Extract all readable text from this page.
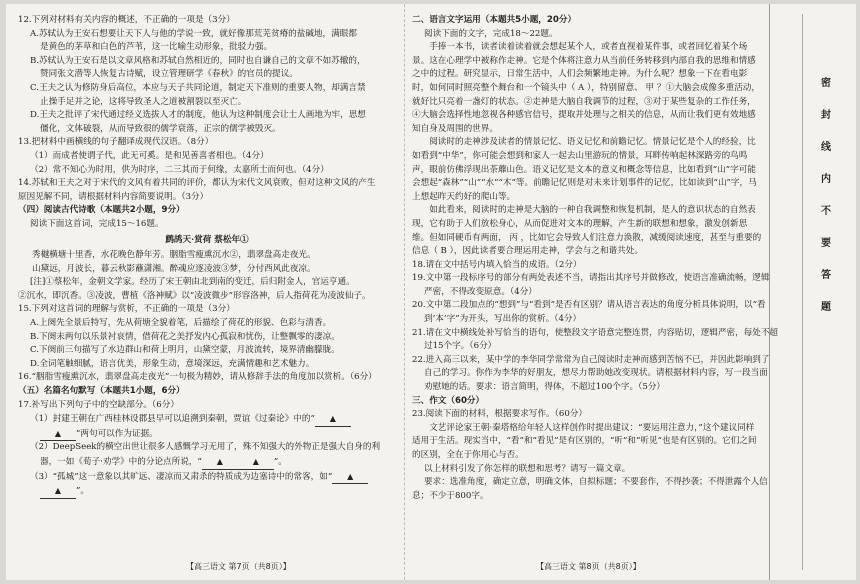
12.下列对材料有关内容的概述，不正确的一项是（3分）

A.苏轼认为王安石想要让天下人与他的学说一致，就好像那荒芜贫瘠的盐碱地，满眼都

是黄色的茅草和白色的芦苇，这一比喻生动形象，批驳力强。

B.苏轼认为王安石是以文章风格和苏轼自然相近的，同时也自谦自己的文章不如苏辙的，

赞同张文潜等人恢复古诗赋，设立管理研学《春秋》的官员的提议。

C.王夫之认为修防身后高位，本应与天子共同论道，制定天下准则的重要人物，却满言禁

止操手足并之论，这将导致圣人之道被割裂以至灭亡。

D.王夫之批评了宋代通过经义选拔人才的制度，他认为这种制度会让士人画地为牢，思想

僵化，文体破裂，从而导致很的儒学衰落，正宗的儒学被毁灭。

13.把材料中画横线的句子翻译成现代汉语。（8分）

（1）而成者使谓子代，此无可奚。是和见善喜者相也。（4分）

（2）常不知心为时用，供为时序，二三其而于何缘，太嘉所士而何也。（4分）

14.苏轼和王夫之对于宋代的文风有着共同的评价，都认为宋代文风衰败，但对这种文风的产生

原因见解不同，请根据材料内容简要说明。（3分）

（四）阅读古代诗歌（本题共2小题，9分）

阅读下面这首词，完成15～16题。

鹧鸪天·赏荷 蔡松年①

秀樾横塘十里香，水花晚色静年芳。胭脂雪瘦熏沉水②，翡翠盘高走夜光。

山黛远，月波长，暮云秋影蘸潇湘。醉魂应逐凌波③梦，分付西风此夜凉。

[注]①蔡松年，金朝文学家。经历了宋王朝由北到南的变迁，后归附金人，官运亨通。

②沉水，即沉香。③凌波，曹植《洛神赋》以“凌波微步”形容洛神，后人指荷花为凌波仙子。

15.下列对这首词的理解与赏析，不正确的一项是（3分）

A.上阕先全景后特写，先从荷塘全貌着笔，后描绘了荷花的形貌、色彩与清香。

B.下阕末两句以乐景衬哀情，借荷花之美抒发内心孤寂和忧伤，让整飘零的凄凉。

C.下阕前三句描写了水边群山和荷上明月，山黛空蒙，月波流转，境界清幽朦胧。

D.全词笔触细腻，语言优美，形象生动，意境深远，充满情趣和艺术魅力。

16.“胭脂雪瘦熏沉水，翡翠盘高走夜光”一句极为精妙，请从修辞手法的角度加以赏析。（6分）

（五）名篇名句默写（本题共1小题，6分）

17.补写出下列句子中的空缺部分。（6分）

（1）封建王朝在广西桂林设郡县早可以追溯到秦朝，贾谊《过秦论》中的“ ▲

▲ ”两句可以作为证据。

（2）DeepSeek的横空出世让很多人感慨学习无用了，殊不知强大的外物正是强大自身的利

器，一如《荀子·劝学》中的分论点所说，“ ▲	▲ ”。

（3）“孤城”这一意象以其旷远、凄凉而又肃杀的特质成为边塞诗中的常客，如“ ▲

▲ ”。

二、语言文字运用（本题共5小题，20分）

阅读下面的文字，完成18～22题。

手捧一本书，读者读着读着就会想起某个人，或者直视着某件事，或者回忆着某个场景。这在心理学中被称作走神。它是个体将注意力从当前任务转移到内部自我的思维和情感之中的过程。研究显示，日常生活中，人们会频繁地走神。为什么呢？想象一下在看电影时，如何同时照亮整个舞台和一个镜头中（ A ），特别留意、 甲 ？①大脑会成像多重活动，就好比只亮着一盏灯的状态。②走神是大脑自我调节的过程，③对于某些复杂的工作任务，④大脑会选择性地忽视各种感官信号，提取并处理与之相关的信息，从而让我们更有效地感知自身及周围的世界。

阅读时的走神涉及读者的情景记忆、语义记忆和前瞻记忆。情景记忆是个人的经验，比如看到“中华”，你可能会想到和家人一起去山里游玩的情景，耳畔传响起林深路旁的鸟鸣声，眼前仿佛浮现出荼蘼山色。语义记忆是文本的意义和概念等信息，比如看到“山”字可能会想起“森林”“山”“水”“木”等。前瞻记忆则是对未来计划事件的记忆，比如读到“山”字，马上想起昨天约好的爬山等。

如此看来，阅读时的走神是大脑的一种自我调整和恢复机制，是人的意识状态的自然表现，它有助于人们放松身心，从而促进对文本的理解，产生新的联想和想象，激发创新思维。但如同硬币有两面， 丙 ，比如它会导致人们注意力涣散，减缓阅读速度，甚至与重要的信息（ B ），因此读者要合理运用走神，学会与之和谐共处。

18.请在文中括号内填入恰当的成语。（2分）

19.文中第一段标序号的部分有两处表述不当，请指出其序号并做修改，使语言准确流畅，逻辑

严密，不得改变原意。（4分）

20.文中第二段加点的“想到”与“看到”是否有区别？请从语言表达的角度分析具体说明，以“看

到’本’字”为开头，写出你的赏析。（4分）

21.请在文中横线处补写恰当的语句，使整段文字语意完整连贯，内容贴切，逻辑严密，每处不超

过15个字。（6分）

22.进入高三以来，某中学的李华同学常常为自己阅读时走神而感到苦恼不已，并因此影响到了

自己的学习。你作为李华的好朋友，想尽力帮助她改变现状。请根据材料内容，写一段当面

劝慰她的话。要求：语言简明，得体，不超过100个字。（5分）

三、作文（60分）

23.阅读下面的材料，根据要求写作。（60分）

文艺评论家王朝·秦塔格给年轻人这样创作时提出建议：“要运用注意力，”这个建议同样适用于生活。现实当中，“看”和“看见”是有区别的，“听”和“听见”也是有区别的。它们之间的区别，全在于你用心与否。

以上材料引发了你怎样的联想和思考？请写一篇文章。

要求：选准角度，确定立意，明确文体，自拟标题；不要套作，不得抄袭；不得泄露个人信

息；不少于800字。

【高三语文 第7页（共8页）】	【高三语文 第8页（共8页）】
密
封
线
内
不
要
答
题
